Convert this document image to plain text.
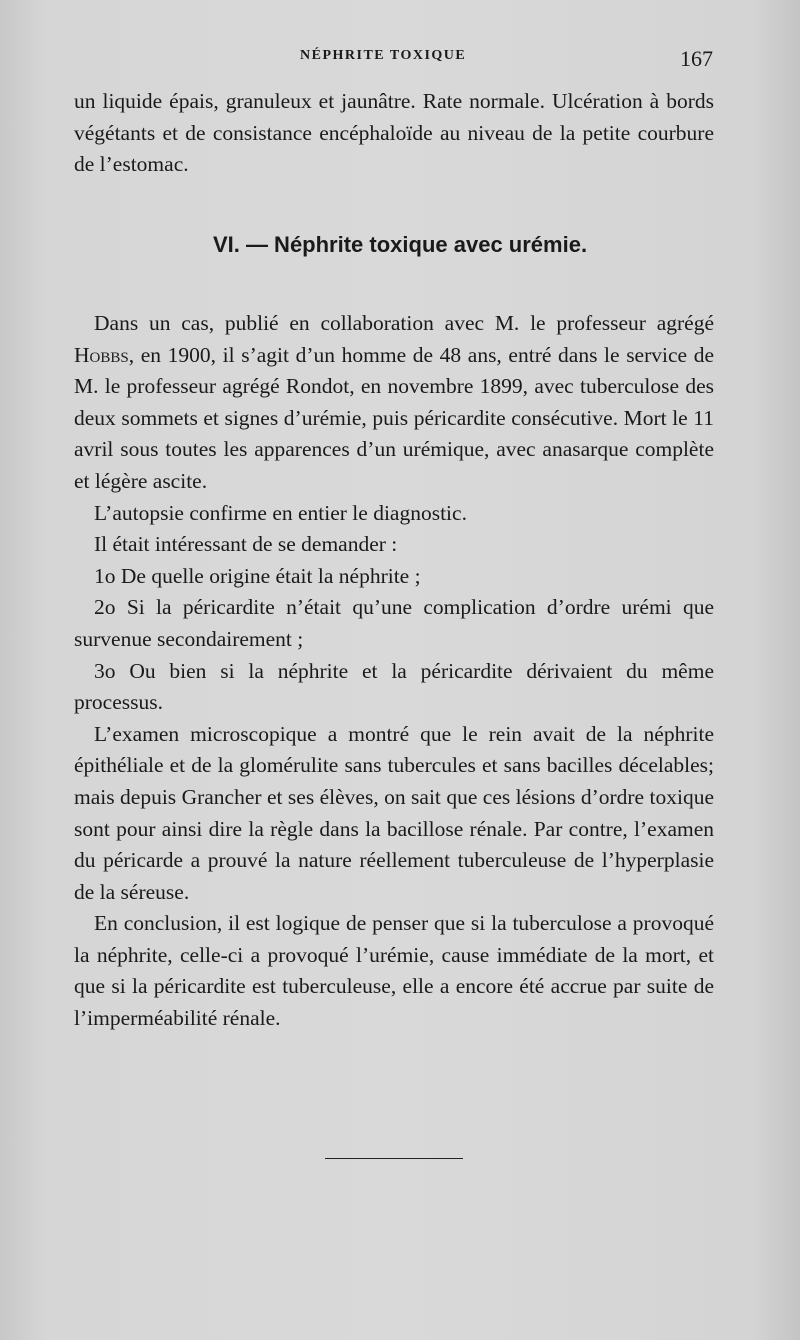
NÉPHRITE TOXIQUE	167

un liquide épais, granuleux et jaunâtre. Rate normale. Ulcération à bords végétants et de consistance encéphaloïde au niveau de la petite courbure de l’estomac.

VI. — Néphrite toxique avec urémie.

Dans un cas, publié en collaboration avec M. le professeur agrégé Hobbs, en 1900, il s’agit d’un homme de 48 ans, entré dans le service de M. le professeur agrégé Rondot, en novembre 1899, avec tuberculose des deux sommets et signes d’urémie, puis péricardite consécutive. Mort le 11 avril sous toutes les apparences d’un urémique, avec anasarque complète et légère ascite.

L’autopsie confirme en entier le diagnostic.

Il était intéressant de se demander :

1o De quelle origine était la néphrite ;

2o Si la péricardite n’était qu’une complication d’ordre urémi que survenue secondairement ;

3o Ou bien si la néphrite et la péricardite dérivaient du même processus.

L’examen microscopique a montré que le rein avait de la néphrite épithéliale et de la glomérulite sans tubercules et sans bacilles décelables; mais depuis Grancher et ses élèves, on sait que ces lésions d’ordre toxique sont pour ainsi dire la règle dans la bacillose rénale. Par contre, l’examen du péricarde a prouvé la nature réellement tuberculeuse de l’hyperplasie de la séreuse.

En conclusion, il est logique de penser que si la tuberculose a provoqué la néphrite, celle-ci a provoqué l’urémie, cause immédiate de la mort, et que si la péricardite est tuberculeuse, elle a encore été accrue par suite de l’imperméabilité rénale.
